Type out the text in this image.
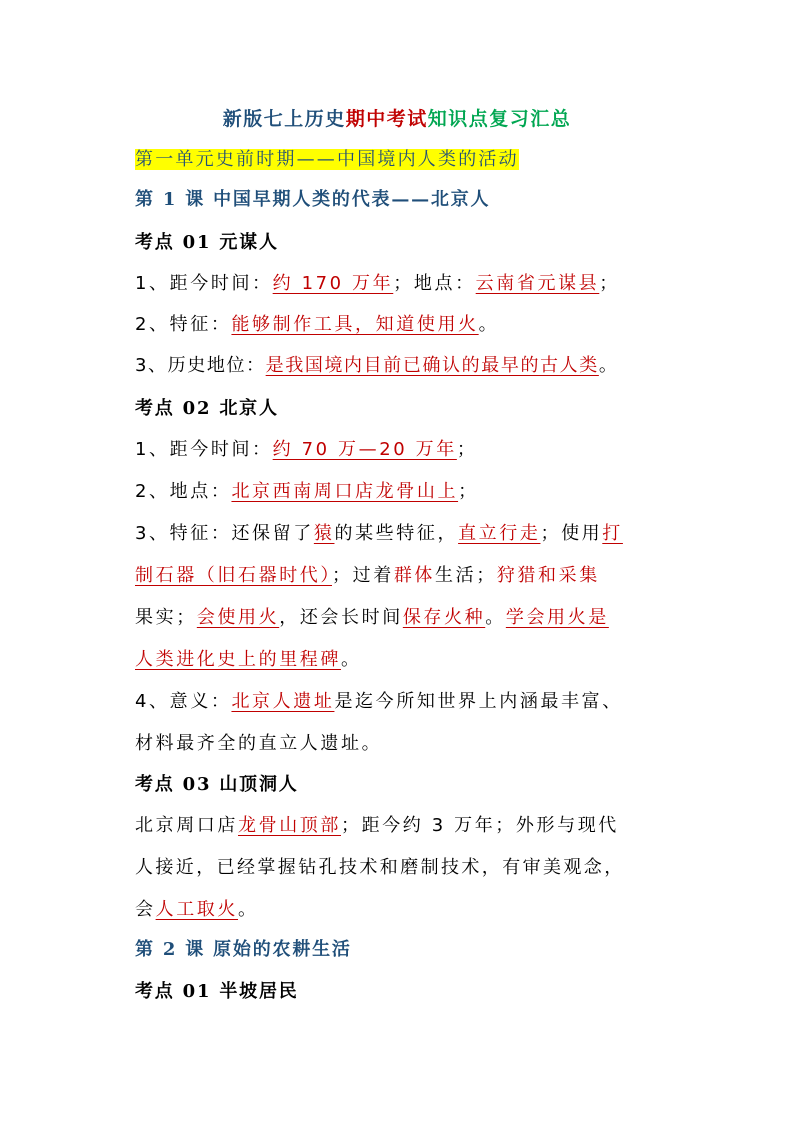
新版七上历史期中考试知识点复习汇总
第一单元史前时期——中国境内人类的活动
第 1 课 中国早期人类的代表——北京人
考点 01 元谋人
1、距今时间：约 170 万年；地点：云南省元谋县；
2、特征：能够制作工具，知道使用火。
3、历史地位：是我国境内目前已确认的最早的古人类。
考点 02 北京人
1、距今时间：约 70 万—20 万年；
2、地点：北京西南周口店龙骨山上；
3、特征：还保留了猿的某些特征，直立行走；使用打
制石器（旧石器时代）；过着群体生活；狩猎和采集
果实；会使用火，还会长时间保存火种。学会用火是
人类进化史上的里程碑。
4、意义：北京人遗址是迄今所知世界上内涵最丰富、
材料最齐全的直立人遗址。
考点 03 山顶洞人
北京周口店龙骨山顶部；距今约 3 万年；外形与现代
人接近，已经掌握钻孔技术和磨制技术，有审美观念，
会人工取火。
第 2 课 原始的农耕生活
考点 01 半坡居民
